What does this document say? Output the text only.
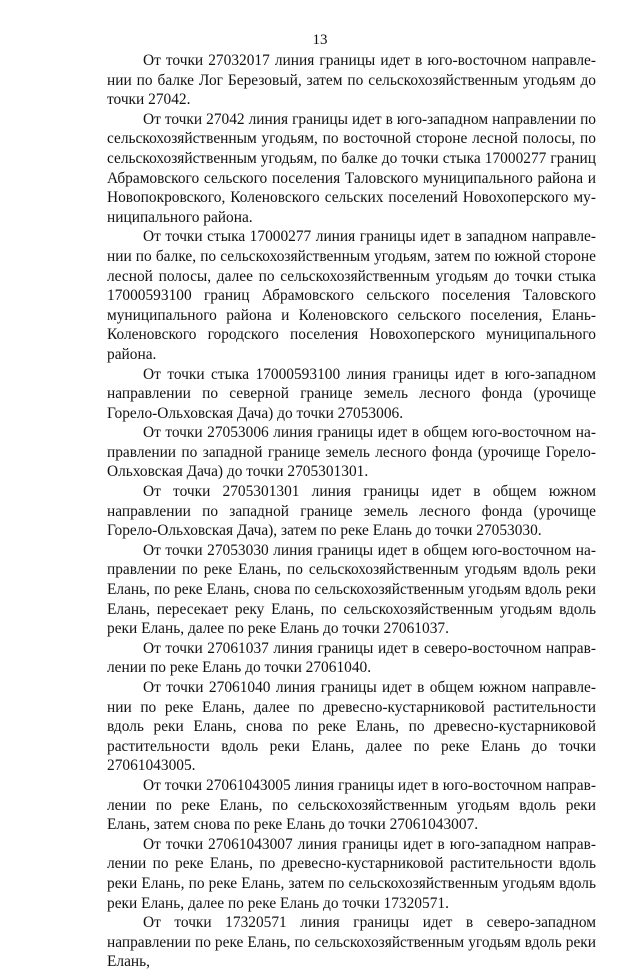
13

От точки 27032017 линия границы идет в юго-восточном направлении по балке Лог Березовый, затем по сельскохозяйственным угодьям до точки 27042.

От точки 27042 линия границы идет в юго-западном направлении по сельскохозяйственным угодьям, по восточной стороне лесной полосы, по сельскохозяйственным угодьям, по балке до точки стыка 17000277 границ Абрамовского сельского поселения Таловского муниципального района и Новопокровского, Коленовского сельских поселений Новохоперского муниципального района.

От точки стыка 17000277 линия границы идет в западном направлении по балке, по сельскохозяйственным угодьям, затем по южной стороне лесной полосы, далее по сельскохозяйственным угодьям до точки стыка 17000593100 границ Абрамовского сельского поселения Таловского муниципального района и Коленовского сельского поселения, Елань-Коленовского городского поселения Новохоперского муниципального района.

От точки стыка 17000593100 линия границы идет в юго-западном направлении по северной границе земель лесного фонда (урочище Горело-Ольховская Дача) до точки 27053006.

От точки 27053006 линия границы идет в общем юго-восточном направлении по западной границе земель лесного фонда (урочище Горело-Ольховская Дача) до точки 2705301301.

От точки 2705301301 линия границы идет в общем южном направлении по западной границе земель лесного фонда (урочище Горело-Ольховская Дача), затем по реке Елань до точки 27053030.

От точки 27053030 линия границы идет в общем юго-восточном направлении по реке Елань, по сельскохозяйственным угодьям вдоль реки Елань, по реке Елань, снова по сельскохозяйственным угодьям вдоль реки Елань, пересекает реку Елань, по сельскохозяйственным угодьям вдоль реки Елань, далее по реке Елань до точки 27061037.

От точки 27061037 линия границы идет в северо-восточном направлении по реке Елань до точки 27061040.

От точки 27061040 линия границы идет в общем южном направлении по реке Елань, далее по древесно-кустарниковой растительности вдоль реки Елань, снова по реке Елань, по древесно-кустарниковой растительности вдоль реки Елань, далее по реке Елань до точки 27061043005.

От точки 27061043005 линия границы идет в юго-восточном направлении по реке Елань, по сельскохозяйственным угодьям вдоль реки Елань, затем снова по реке Елань до точки 27061043007.

От точки 27061043007 линия границы идет в юго-западном направлении по реке Елань, по древесно-кустарниковой растительности вдоль реки Елань, по реке Елань, затем по сельскохозяйственным угодьям вдоль реки Елань, далее по реке Елань до точки 17320571.

От точки 17320571 линия границы идет в северо-западном направлении по реке Елань, по сельскохозяйственным угодьям вдоль реки Елань,
